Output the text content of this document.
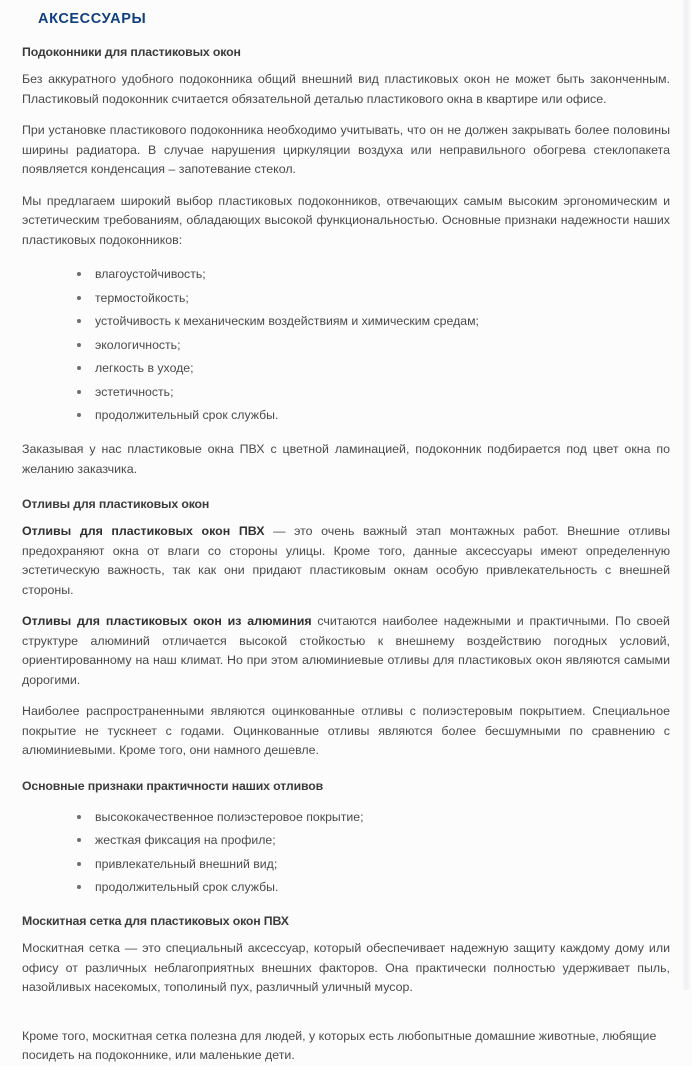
АКСЕССУАРЫ
Подоконники для пластиковых окон

Без аккуратного удобного подоконника общий внешний вид пластиковых окон не может быть законченным. Пластиковый подоконник считается обязательной деталью пластикового окна в квартире или офисе.

При установке пластикового подоконника необходимо учитывать, что он не должен закрывать более половины ширины радиатора. В случае нарушения циркуляции воздуха или неправильного обогрева стеклопакета появляется конденсация – запотевание стекол.

Мы предлагаем широкий выбор пластиковых подоконников, отвечающих самым высоким эргономическим и эстетическим требованиям, обладающих высокой функциональностью. Основные признаки надежности наших пластиковых подоконников:

влагоустойчивость;
термостойкость;
устойчивость к механическим воздействиям и химическим средам;
экологичность;
легкость в уходе;
эстетичность;
продолжительный срок службы.

Заказывая у нас пластиковые окна ПВХ с цветной ламинацией, подоконник подбирается под цвет окна по желанию заказчика.

Отливы для пластиковых окон

Отливы для пластиковых окон ПВХ — это очень важный этап монтажных работ. Внешние отливы предохраняют окна от влаги со стороны улицы. Кроме того, данные аксессуары имеют определенную эстетическую важность, так как они придают пластиковым окнам особую привлекательность с внешней стороны.

Отливы для пластиковых окон из алюминия считаются наиболее надежными и практичными. По своей структуре алюминий отличается высокой стойкостью к внешнему воздействию погодных условий, ориентированному на наш климат. Но при этом алюминиевые отливы для пластиковых окон являются самыми дорогими.

Наиболее распространенными являются оцинкованные отливы с полиэстеровым покрытием. Специальное покрытие не тускнеет с годами. Оцинкованные отливы являются более бесшумными по сравнению с алюминиевыми. Кроме того, они намного дешевле.

Основные признаки практичности наших отливов
высококачественное полиэстеровое покрытие;
жесткая фиксация на профиле;
привлекательный внешний вид;
продолжительный срок службы.
Москитная сетка для пластиковых окон ПВХ

Москитная сетка — это специальный аксессуар, который обеспечивает надежную защиту каждому дому или офису от различных неблагоприятных внешних факторов. Она практически полностью удерживает пыль, назойливых насекомых, тополиный пух, различный уличный мусор.

Кроме того, москитная сетка полезна для людей, у которых есть любопытные домашние животные, любящие посидеть на подоконнике, или маленькие дети.
